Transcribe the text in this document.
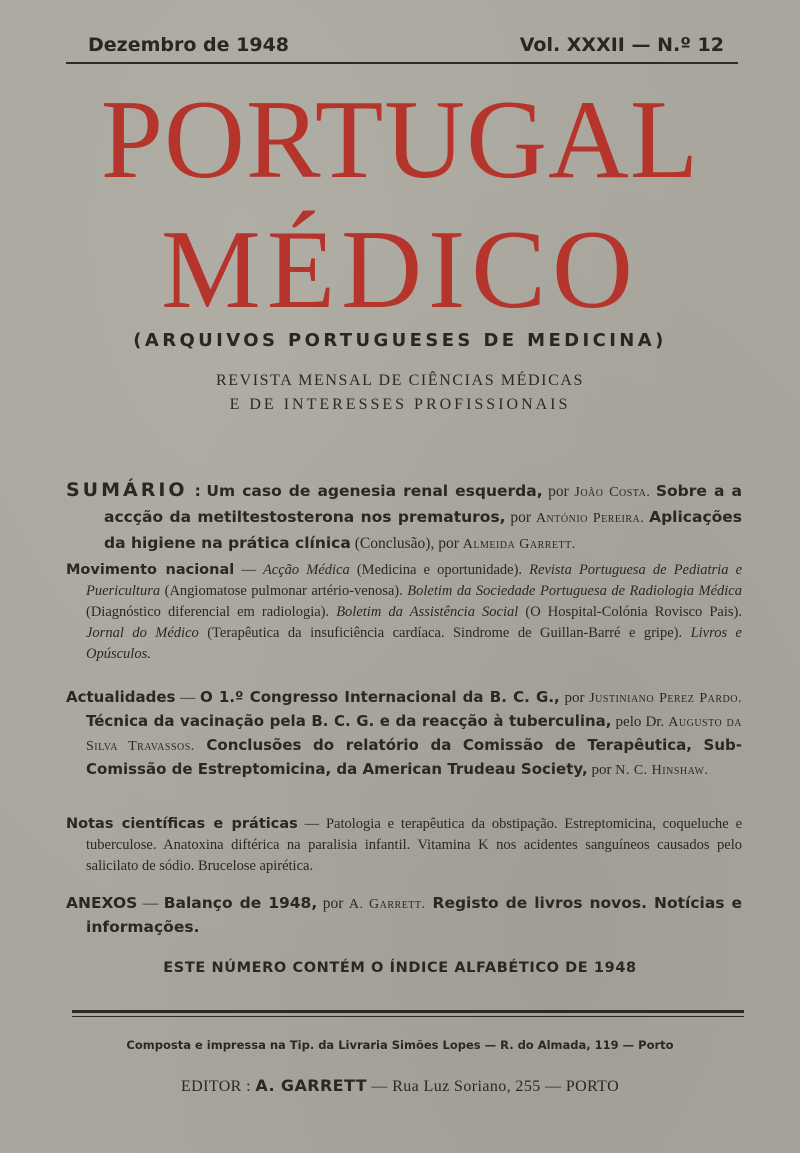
Dezembro de 1948	Vol. XXXII — N.º 12
PORTUGAL
MÉDICO
(ARQUIVOS PORTUGUESES DE MEDICINA)
REVISTA MENSAL DE CIÊNCIAS MÉDICAS
E DE INTERESSES PROFISSIONAIS

SUMÁRIO : Um caso de agenesia renal esquerda, por João Costa. Sobre a a accção da metiltestosterona nos prematuros, por António Pereira. Aplicações da higiene na prática clínica (Conclusão), por Almeida Garrett.

Movimento nacional — Acção Médica (Medicina e oportunidade). Revista Portuguesa de Pediatria e Puericultura (Angiomatose pulmonar artério-venosa). Boletim da Sociedade Portuguesa de Radiologia Médica (Diagnóstico diferencial em radiologia). Boletim da Assistência Social (O Hospital-Colónia Rovisco Pais). Jornal do Médico (Terapêutica da insuficiência cardíaca. Sindrome de Guillan-Barré e gripe). Livros e Opúsculos.

Actualidades — O 1.º Congresso Internacional da B. C. G., por Justiniano Perez Pardo. Técnica da vacinação pela B. C. G. e da reacção à tuberculina, pelo Dr. Augusto da Silva Travassos. Conclusões do relatório da Comissão de Terapêutica, Sub-Comissão de Estreptomicina, da American Trudeau Society, por N. C. Hinshaw.

Notas científicas e práticas — Patologia e terapêutica da obstipação. Estreptomicina, coqueluche e tuberculose. Anatoxina diftérica na paralisia infantil. Vitamina K nos acidentes sanguíneos causados pelo salicilato de sódio. Brucelose apirética.

ANEXOS — Balanço de 1948, por A. Garrett. Registo de livros novos. Notícias e informações.

ESTE NÚMERO CONTÉM O ÍNDICE ALFABÉTICO DE 1948
Composta e impressa na Tip. da Livraria Simões Lopes — R. do Almada, 119 — Porto
EDITOR : A. GARRETT — Rua Luz Soriano, 255 — PORTO
